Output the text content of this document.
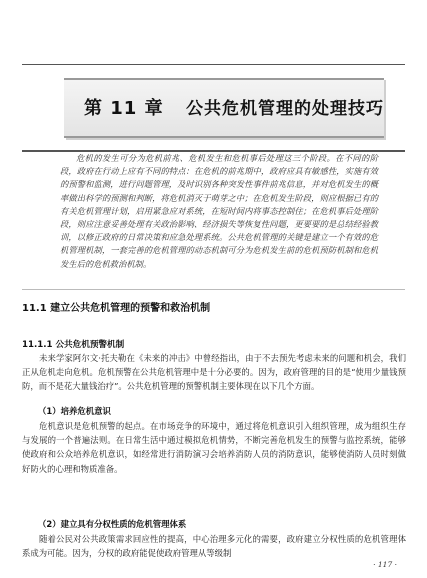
第 11 章 公共危机管理的处理技巧

危机的发生可分为危机前兆、危机发生和危机事后处理这三个阶段。在不同的阶段，政府在行动上应有不同的特点：在危机的前兆期中，政府应具有敏感性，实施有效的预警和监测，进行问题管理，及时识别各种突发性事件前兆信息，并对危机发生的概率做出科学的预测和判断，将危机消灭于萌芽之中；在危机发生阶段，则应根据已有的有关危机管理计划，启用紧急应对系统，在短时间内将事态控制住；在危机事后处理阶段，则应注意妥善处理有关政治影响、经济损失等恢复性问题，更要要的是总结经验教训，以修正政府的日常决策和应急处理系统。公共危机管理的关键是建立一个有效的危机管理机制，一套完善的危机管理的动态机制可分为危机发生前的危机预防机制和危机发生后的危机救治机制。

11.1 建立公共危机管理的预警和救治机制
11.1.1 公共危机预警机制

未来学家阿尔文·托夫勒在《未来的冲击》中曾经指出，由于不去预先考虑未来的问题和机会，我们正从危机走向危机。危机预警在公共危机管理中是十分必要的。因为，政府管理的目的是“使用少量钱预防，而不是花大量钱治疗”。公共危机管理的预警机制主要体现在以下几个方面。

（1）培养危机意识

危机意识是危机预警的起点。在市场竞争的环境中，通过将危机意识引入组织管理，成为组织生存与发展的一个普遍法则。在日常生活中通过模拟危机情势，不断完善危机发生的预警与监控系统，能够使政府和公众培养危机意识，如经常进行消防演习会培养消防人员的消防意识，能够使消防人员时刻做好防火的心理和物质准备。

（2）建立具有分权性质的危机管理体系

随着公民对公共政策需求回应性的提高，中心治理多元化的需要，政府建立分权性质的危机管理体系成为可能。因为，分权的政府能促使政府管理从等级制

· 117 ·
